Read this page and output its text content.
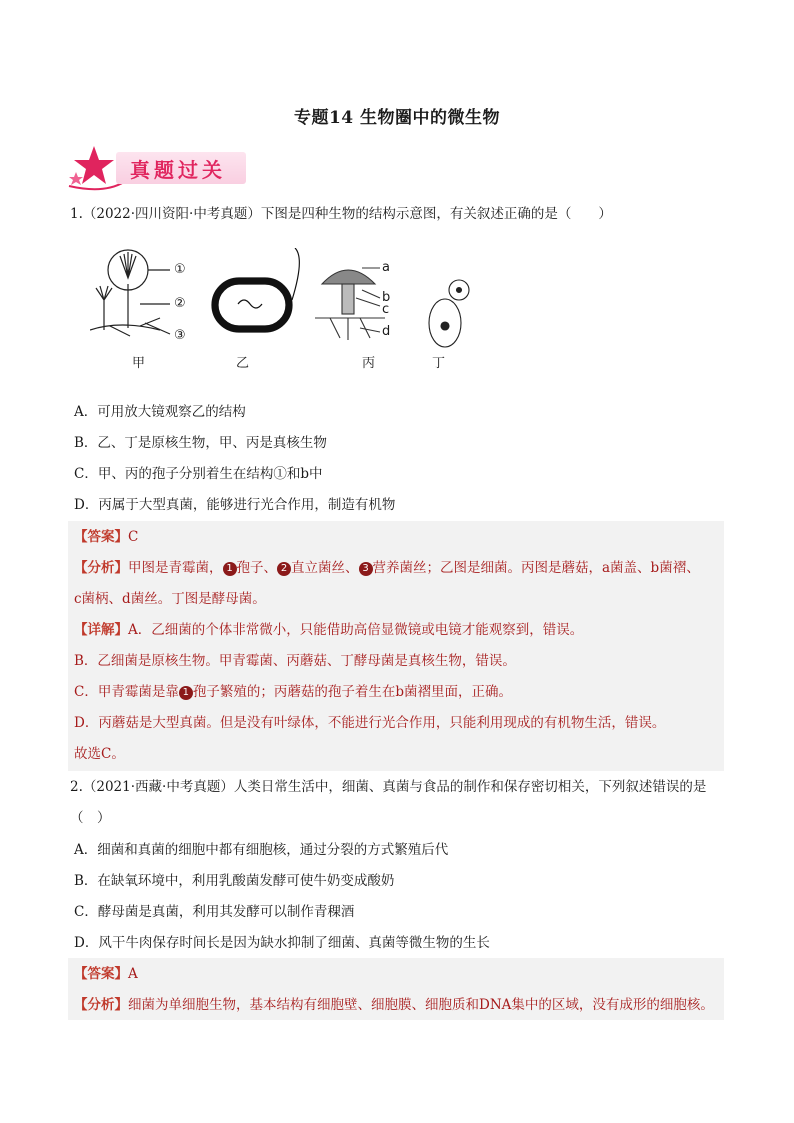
专题14 生物圈中的微生物
真题过关
1.（2022·四川资阳·中考真题）下图是四种生物的结构示意图，有关叙述正确的是（　　）
①
②
③
a
b
c
d
甲	乙	丙	丁
A．可用放大镜观察乙的结构
B．乙、丁是原核生物，甲、丙是真核生物
C．甲、丙的孢子分别着生在结构①和b中
D．丙属于大型真菌，能够进行光合作用，制造有机物
【答案】C
【分析】甲图是青霉菌， 1 孢子、 2 直立菌丝、 3 营养菌丝；乙图是细菌。丙图是蘑菇，a菌盖、b菌褶、
c菌柄、d菌丝。丁图是酵母菌。
【详解】A．乙细菌的个体非常微小，只能借助高倍显微镜或电镜才能观察到，错误。
B．乙细菌是原核生物。甲青霉菌、丙蘑菇、丁酵母菌是真核生物，错误。
C．甲青霉菌是靠 1 孢子繁殖的；丙蘑菇的孢子着生在b菌褶里面，正确。
D．丙蘑菇是大型真菌。但是没有叶绿体，不能进行光合作用，只能利用现成的有机物生活，错误。
故选C。
2.（2021·西藏·中考真题）人类日常生活中，细菌、真菌与食品的制作和保存密切相关，下列叙述错误的是
（　）
A．细菌和真菌的细胞中都有细胞核，通过分裂的方式繁殖后代
B．在缺氧环境中，利用乳酸菌发酵可使牛奶变成酸奶
C．酵母菌是真菌，利用其发酵可以制作青稞酒
D．风干牛肉保存时间长是因为缺水抑制了细菌、真菌等微生物的生长
【答案】A
【分析】细菌为单细胞生物，基本结构有细胞壁、细胞膜、细胞质和DNA集中的区域，没有成形的细胞核。
